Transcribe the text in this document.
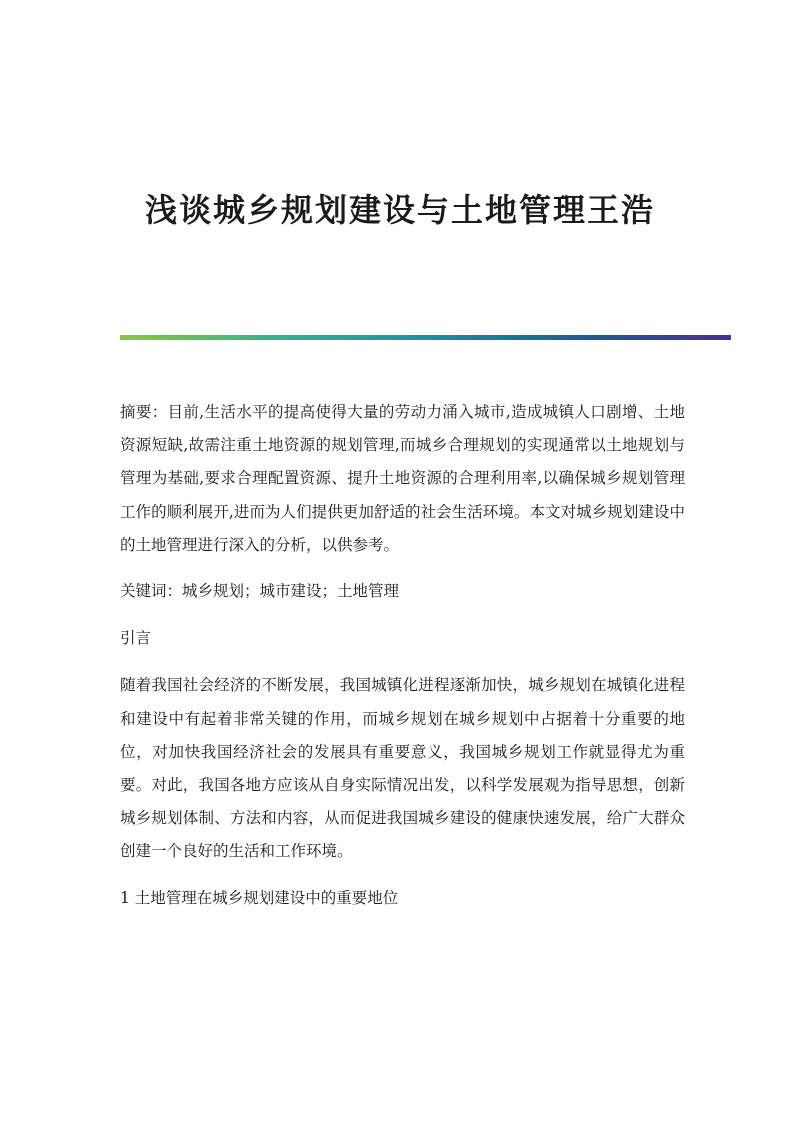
浅谈城乡规划建设与土地管理王浩

摘要：目前,生活水平的提高使得大量的劳动力涌入城市,造成城镇人口剧增、土地资源短缺,故需注重土地资源的规划管理,而城乡合理规划的实现通常以土地规划与管理为基础,要求合理配置资源、提升土地资源的合理利用率,以确保城乡规划管理工作的顺利展开,进而为人们提供更加舒适的社会生活环境。本文对城乡规划建设中的土地管理进行深入的分析，以供参考。

关键词：城乡规划；城市建设；土地管理

引言

随着我国社会经济的不断发展，我国城镇化进程逐渐加快，城乡规划在城镇化进程和建设中有起着非常关键的作用，而城乡规划在城乡规划中占据着十分重要的地位，对加快我国经济社会的发展具有重要意义，我国城乡规划工作就显得尤为重要。对此，我国各地方应该从自身实际情况出发，以科学发展观为指导思想，创新城乡规划体制、方法和内容，从而促进我国城乡建设的健康快速发展，给广大群众创建一个良好的生活和工作环境。

1 土地管理在城乡规划建设中的重要地位
